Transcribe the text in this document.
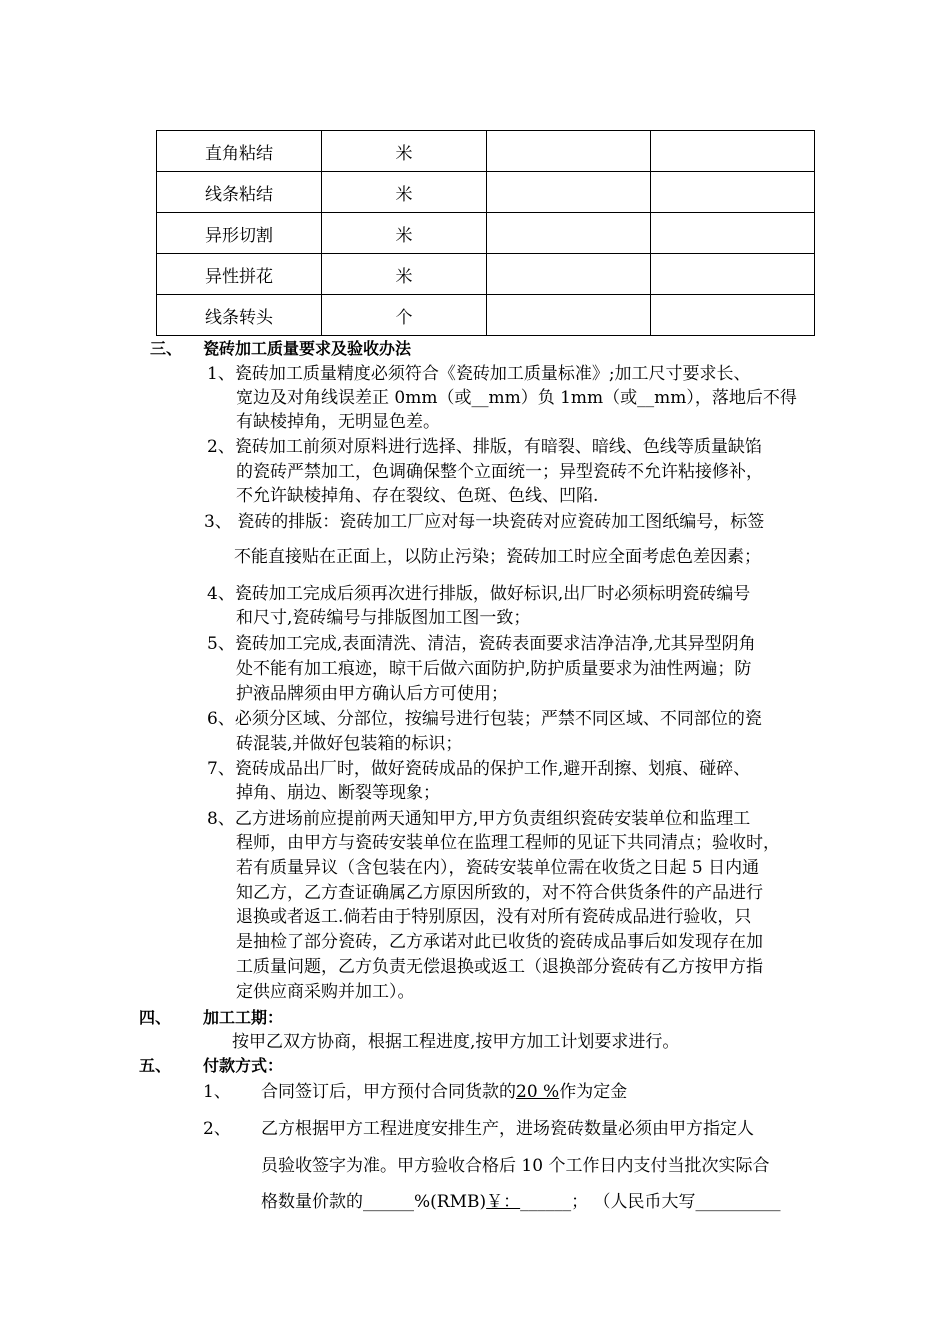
直角粘结	米		
线条粘结	米		
异形切割	米		
异性拼花	米		
线条转头	个		
三、 瓷砖加工质量要求及验收办法
1、瓷砖加工质量精度必须符合《瓷砖加工质量标准》;加工尺寸要求长、
宽边及对角线误差正 0mm（或__mm）负 1mm（或__mm），落地后不得
有缺棱掉角，无明显色差。
2、瓷砖加工前须对原料进行选择、排版，有暗裂、暗线、色线等质量缺馅
的瓷砖严禁加工，色调确保整个立面统一；异型瓷砖不允许粘接修补，
不允许缺棱掉角、存在裂纹、色斑、色线、凹陷.
3、 瓷砖的排版：瓷砖加工厂应对每一块瓷砖对应瓷砖加工图纸编号，标签
不能直接贴在正面上，以防止污染；瓷砖加工时应全面考虑色差因素；
4、瓷砖加工完成后须再次进行排版，做好标识,出厂时必须标明瓷砖编号
和尺寸,瓷砖编号与排版图加工图一致；
5、瓷砖加工完成,表面清洗、清洁，瓷砖表面要求洁净洁净,尤其异型阴角
处不能有加工痕迹，晾干后做六面防护,防护质量要求为油性两遍；防
护液品牌须由甲方确认后方可使用；
6、必须分区域、分部位，按编号进行包装；严禁不同区域、不同部位的瓷
砖混装,并做好包装箱的标识；
7、瓷砖成品出厂时，做好瓷砖成品的保护工作,避开刮擦、划痕、碰碎、
掉角、崩边、断裂等现象；
8、乙方进场前应提前两天通知甲方,甲方负责组织瓷砖安装单位和监理工
程师，由甲方与瓷砖安装单位在监理工程师的见证下共同清点；验收时，
若有质量异议（含包装在内），瓷砖安装单位需在收货之日起 5 日内通
知乙方，乙方查证确属乙方原因所致的，对不符合供货条件的产品进行
退换或者返工.倘若由于特别原因，没有对所有瓷砖成品进行验收，只
是抽检了部分瓷砖，乙方承诺对此已收货的瓷砖成品事后如发现存在加
工质量问题，乙方负责无偿退换或返工（退换部分瓷砖有乙方按甲方指
定供应商采购并加工）。
四、 加工工期：
按甲乙双方协商，根据工程进度,按甲方加工计划要求进行。
五、 付款方式：
1、 合同签订后，甲方预付合同货款的20 %作为定金
2、 乙方根据甲方工程进度安排生产，进场瓷砖数量必须由甲方指定人
员验收签字为准。甲方验收合格后 10 个工作日内支付当批次实际合
格数量价款的______%(RMB)￥：______； （人民币大写__________
